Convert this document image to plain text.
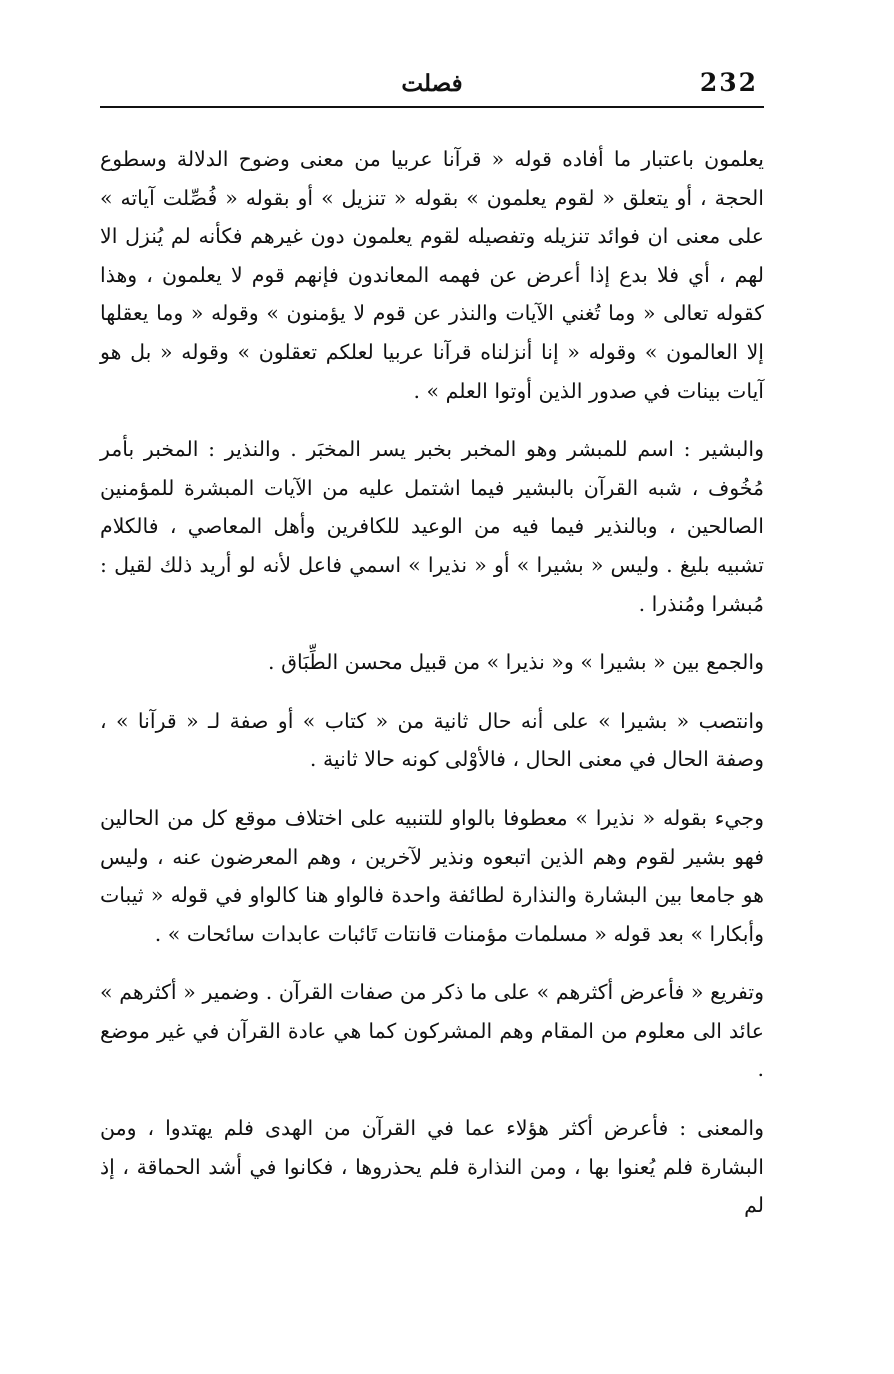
232
فصلت

يعلمون باعتبار ما أفاده قوله « قرآنا عربيا من معنى وضوح الدلالة وسطوع الحجة ، أو يتعلق « لقوم يعلمون » بقوله « تنزيل » أو بقوله « فُصِّلت آياته » على معنى ان فوائد تنزيله وتفصيله لقوم يعلمون دون غيرهم فكأنه لم يُنزل الا لهم ، أي فلا بدع إذا أعرض عن فهمه المعاندون فإنهم قوم لا يعلمون ، وهذا كقوله تعالى « وما تُغني الآيات والنذر عن قوم لا يؤمنون » وقوله « وما يعقلها إلا العالمون » وقوله « إنا أنزلناه قرآنا عربيا لعلكم تعقلون » وقوله « بل هو آيات بينات في صدور الذين أوتوا العلم » .

والبشير : اسم للمبشر وهو المخبر بخبر يسر المخبَر . والنذير : المخبر بأمر مُخُوف ، شبه القرآن بالبشير فيما اشتمل عليه من الآيات المبشرة للمؤمنين الصالحين ، وبالنذير فيما فيه من الوعيد للكافرين وأهل المعاصي ، فالكلام تشبيه بليغ . وليس « بشيرا » أو « نذيرا » اسمي فاعل لأنه لو أريد ذلك لقيل : مُبشرا ومُنذرا .

والجمع بين « بشيرا » و« نذيرا » من قبيل محسن الطِّبَاق .

وانتصب « بشيرا » على أنه حال ثانية من « كتاب » أو صفة لـ « قرآنا » ، وصفة الحال في معنى الحال ، فالأوْلى كونه حالا ثانية .

وجيء بقوله « نذيرا » معطوفا بالواو للتنبيه على اختلاف موقع كل من الحالين فهو بشير لقوم وهم الذين اتبعوه ونذير لآخرين ، وهم المعرضون عنه ، وليس هو جامعا بين البشارة والنذارة لطائفة واحدة فالواو هنا كالواو في قوله « ثيبات وأبكارا » بعد قوله « مسلمات مؤمنات قانتات تَائبات عابدات سائحات » .

وتفريع « فأعرض أكثرهم » على ما ذكر من صفات القرآن . وضمير « أكثرهم » عائد الى معلوم من المقام وهم المشركون كما هي عادة القرآن في غير موضع .

والمعنى : فأعرض أكثر هؤلاء عما في القرآن من الهدى فلم يهتدوا ، ومن البشارة فلم يُعنوا بها ، ومن النذارة فلم يحذروها ، فكانوا في أشد الحماقة ، إذ لم
